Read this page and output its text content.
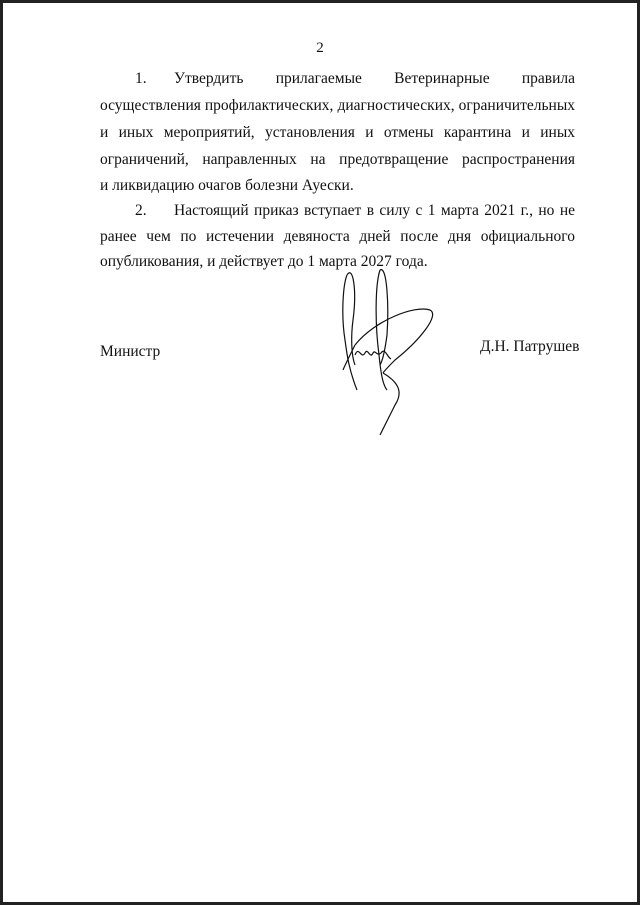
2
1.	Утвердить прилагаемые Ветеринарные правила
осуществления профилактических, диагностических, ограничительных
и иных мероприятий, установления и отмены карантина и иных
ограничений, направленных на предотвращение распространения
и ликвидацию очагов болезни Ауески.
2.	Настоящий приказ вступает в силу с 1 марта 2021 г., но не
ранее чем по истечении девяноста дней после дня официального
опубликования, и действует до 1 марта 2027 года.
Министр	Д.Н. Патрушев
